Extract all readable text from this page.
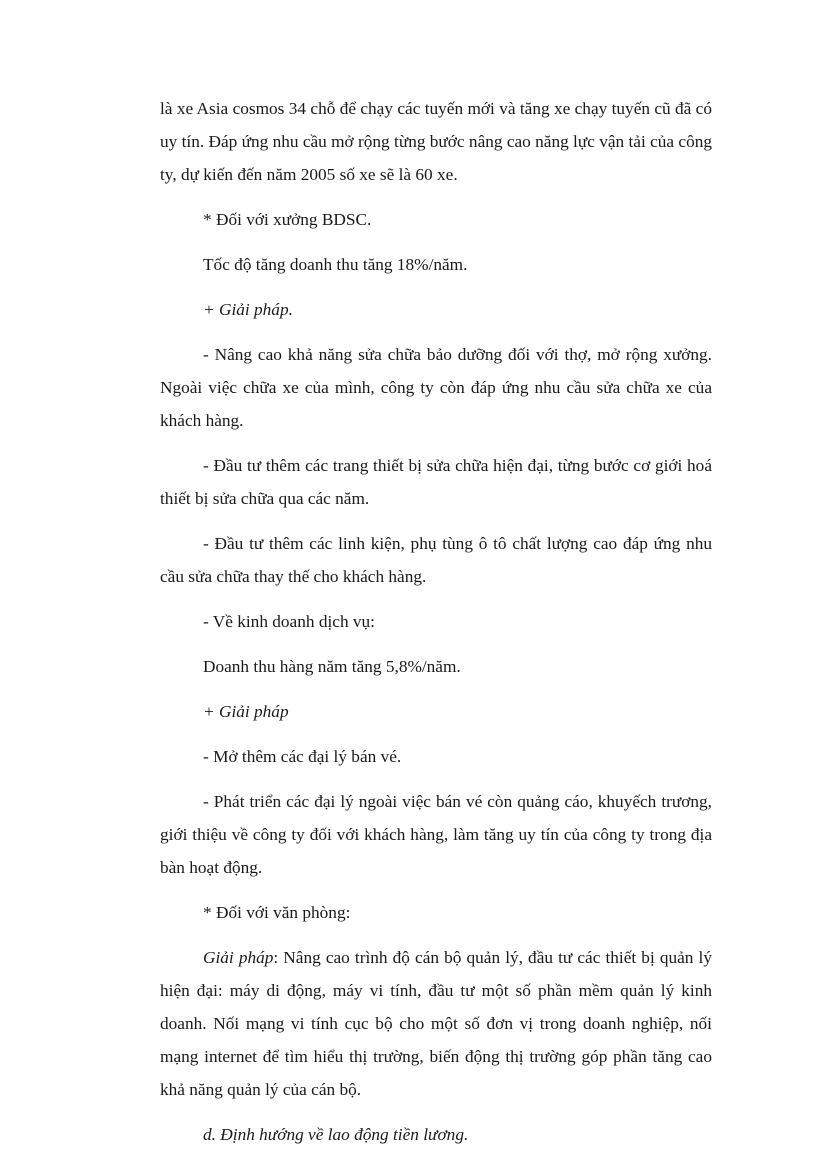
là xe Asia cosmos 34 chỗ để chạy các tuyến mới và tăng xe chạy tuyến cũ đã có uy tín. Đáp ứng nhu cầu mở rộng từng bước nâng cao năng lực vận tải của công ty, dự kiến đến năm 2005 số xe sẽ là 60 xe.

* Đối với xưởng BDSC.

Tốc độ tăng doanh thu tăng 18%/năm.

+ Giải pháp.

- Nâng cao khả năng sửa chữa bảo dưỡng đối với thợ, mở rộng xưởng. Ngoài việc chữa xe của mình, công ty còn đáp ứng nhu cầu sửa chữa xe của khách hàng.

- Đầu tư thêm các trang thiết bị sửa chữa hiện đại, từng bước cơ giới hoá thiết bị sửa chữa qua các năm.

- Đầu tư thêm các linh kiện, phụ tùng ô tô chất lượng cao đáp ứng nhu cầu sửa chữa thay thế cho khách hàng.

- Về kinh doanh dịch vụ:

Doanh thu hàng năm tăng 5,8%/năm.

+ Giải pháp

- Mở thêm các đại lý bán vé.

- Phát triển các đại lý ngoài việc bán vé còn quảng cáo, khuyếch trương, giới thiệu về công ty đối với khách hàng, làm tăng uy tín của công ty trong địa bàn hoạt động.

* Đối với văn phòng:

Giải pháp: Nâng cao trình độ cán bộ quản lý, đầu tư các thiết bị quản lý hiện đại: máy di động, máy vi tính, đầu tư một số phần mềm quản lý kinh doanh. Nối mạng vi tính cục bộ cho một số đơn vị trong doanh nghiệp, nối mạng internet để tìm hiểu thị trường, biến động thị trường góp phần tăng cao khả năng quản lý của cán bộ.

d. Định hướng về lao động tiền lương.
